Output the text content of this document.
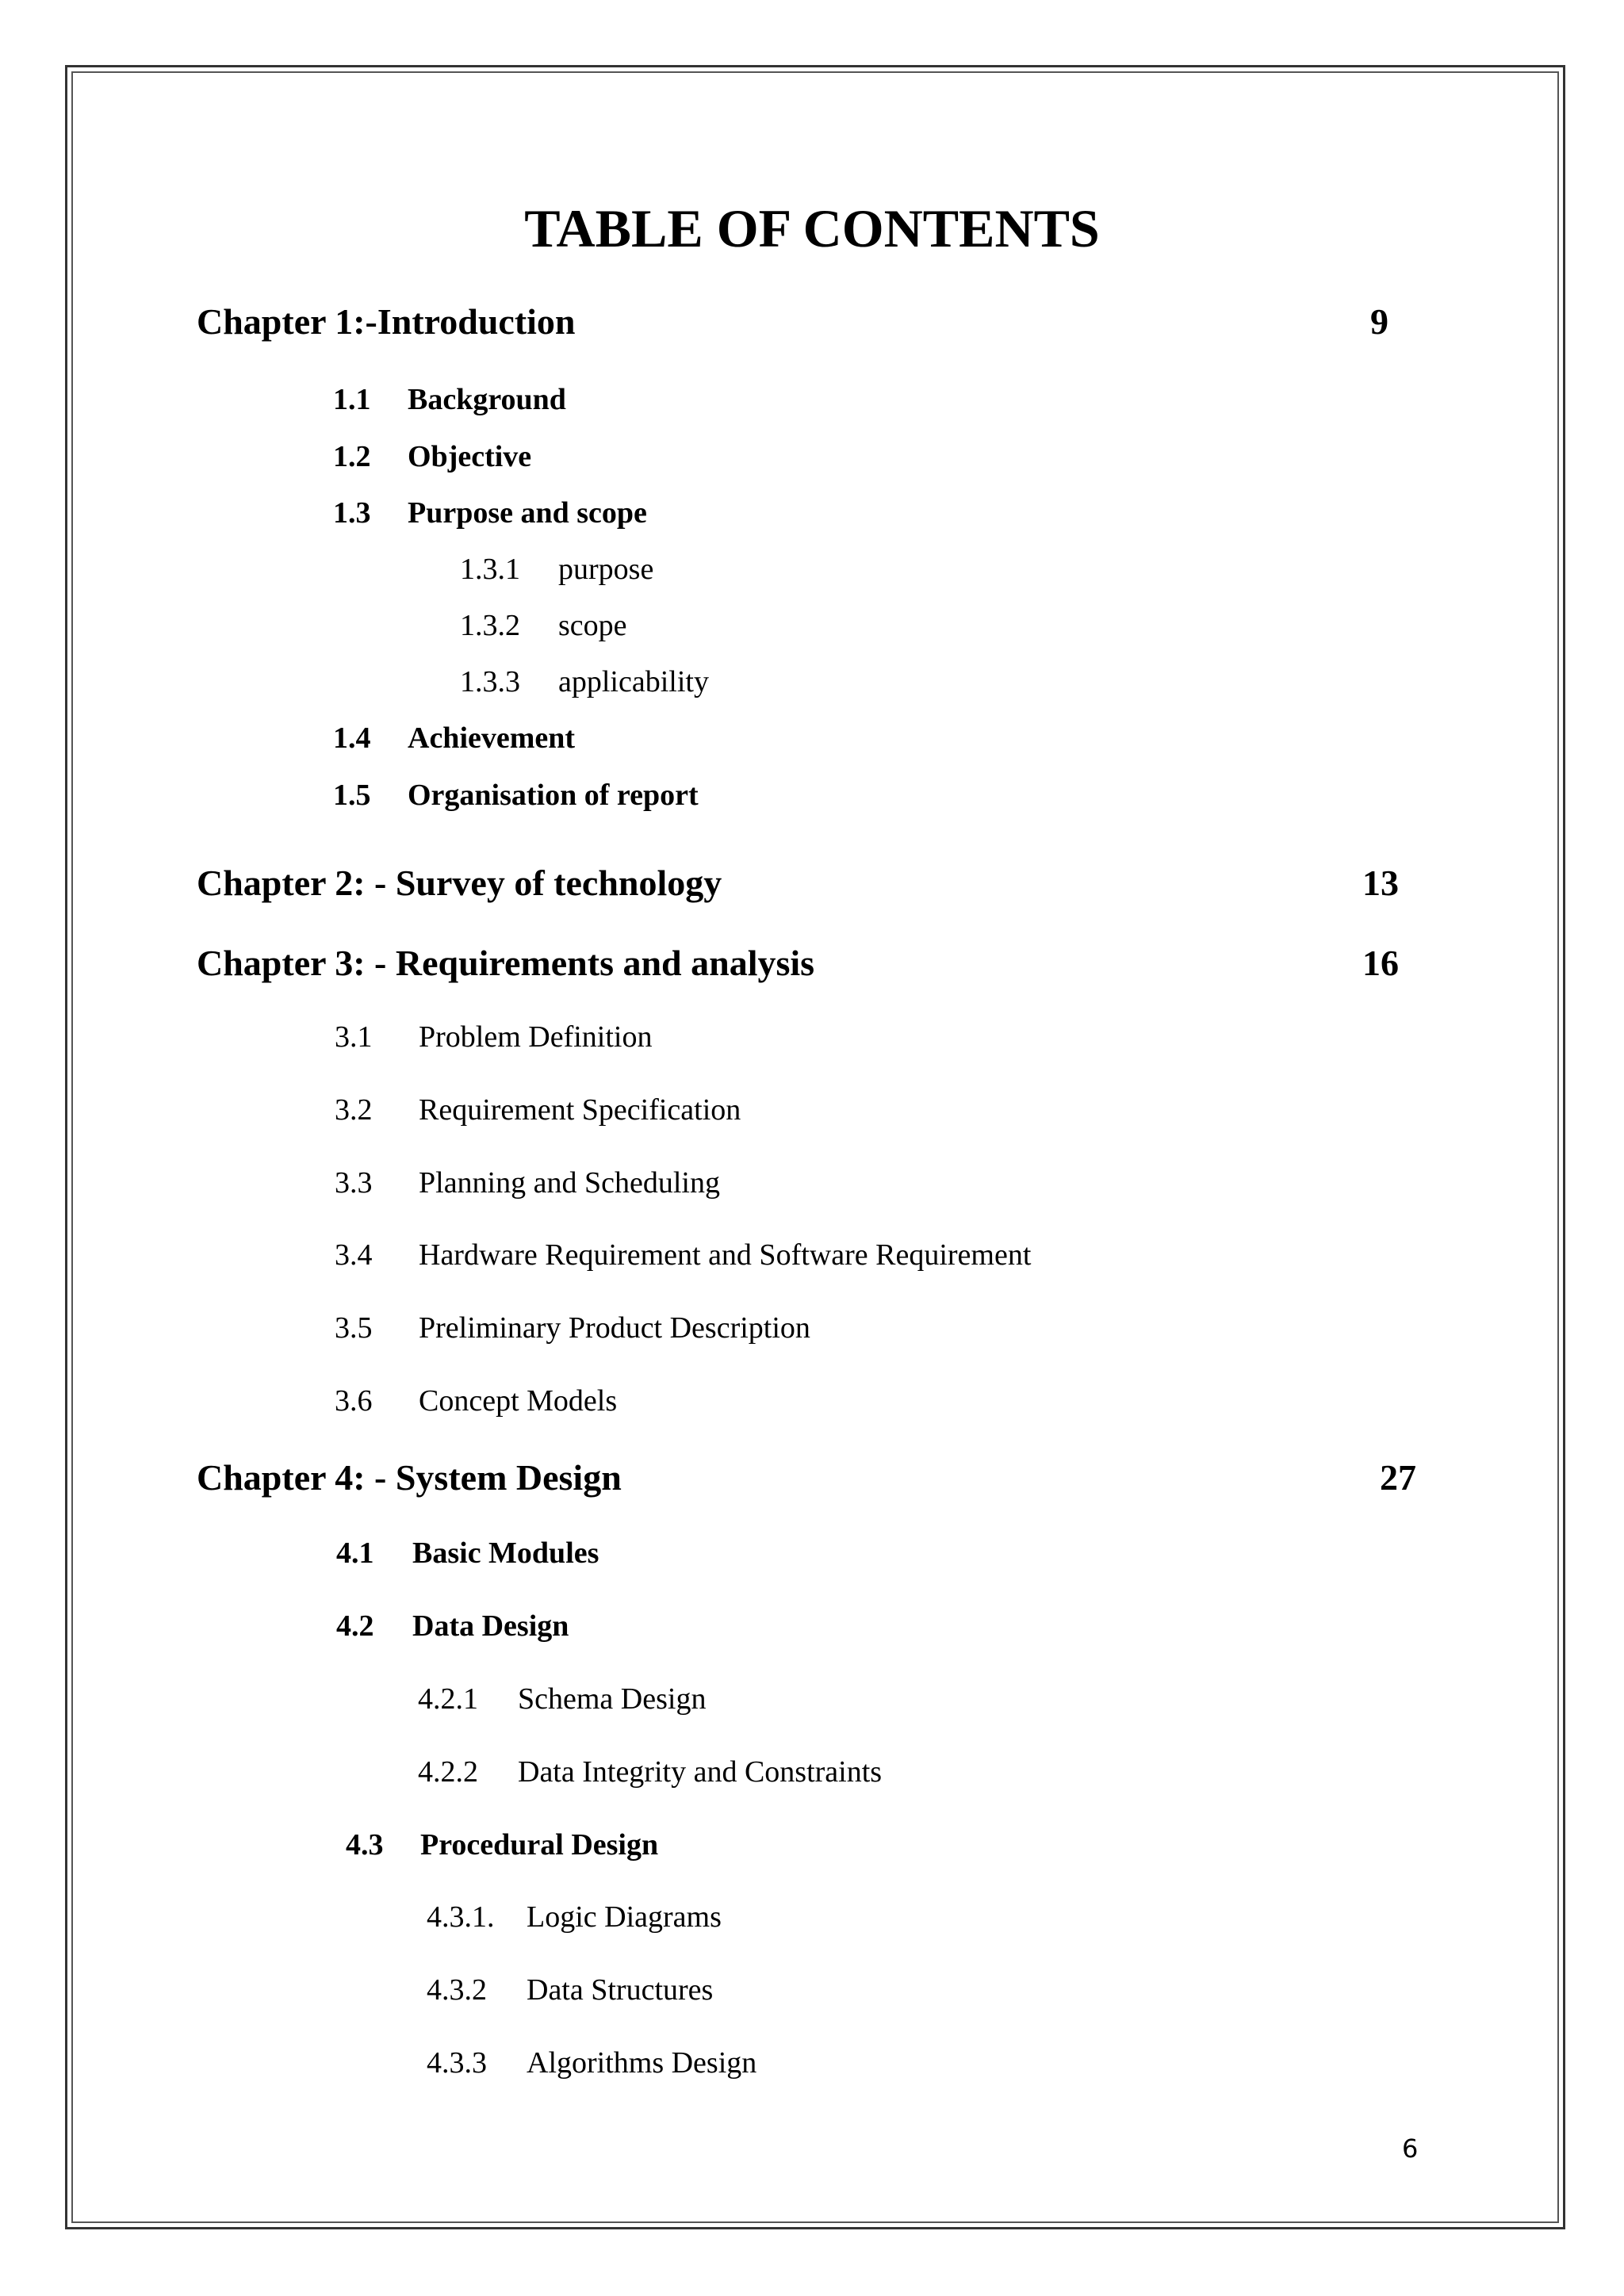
TABLE OF CONTENTS
Chapter 1:-Introduction	9
1.1 Background
1.2 Objective
1.3 Purpose and scope
1.3.1 purpose
1.3.2 scope
1.3.3 applicability
1.4 Achievement
1.5 Organisation of report
Chapter 2: - Survey of technology	13
Chapter 3: - Requirements and analysis	16
3.1 Problem Definition
3.2 Requirement Specification
3.3 Planning and Scheduling
3.4 Hardware Requirement and Software Requirement
3.5 Preliminary Product Description
3.6 Concept Models
Chapter 4: - System Design	27
4.1 Basic Modules
4.2 Data Design
4.2.1 Schema Design
4.2.2 Data Integrity and Constraints
4.3 Procedural Design
4.3.1. Logic Diagrams
4.3.2 Data Structures
4.3.3 Algorithms Design
6
